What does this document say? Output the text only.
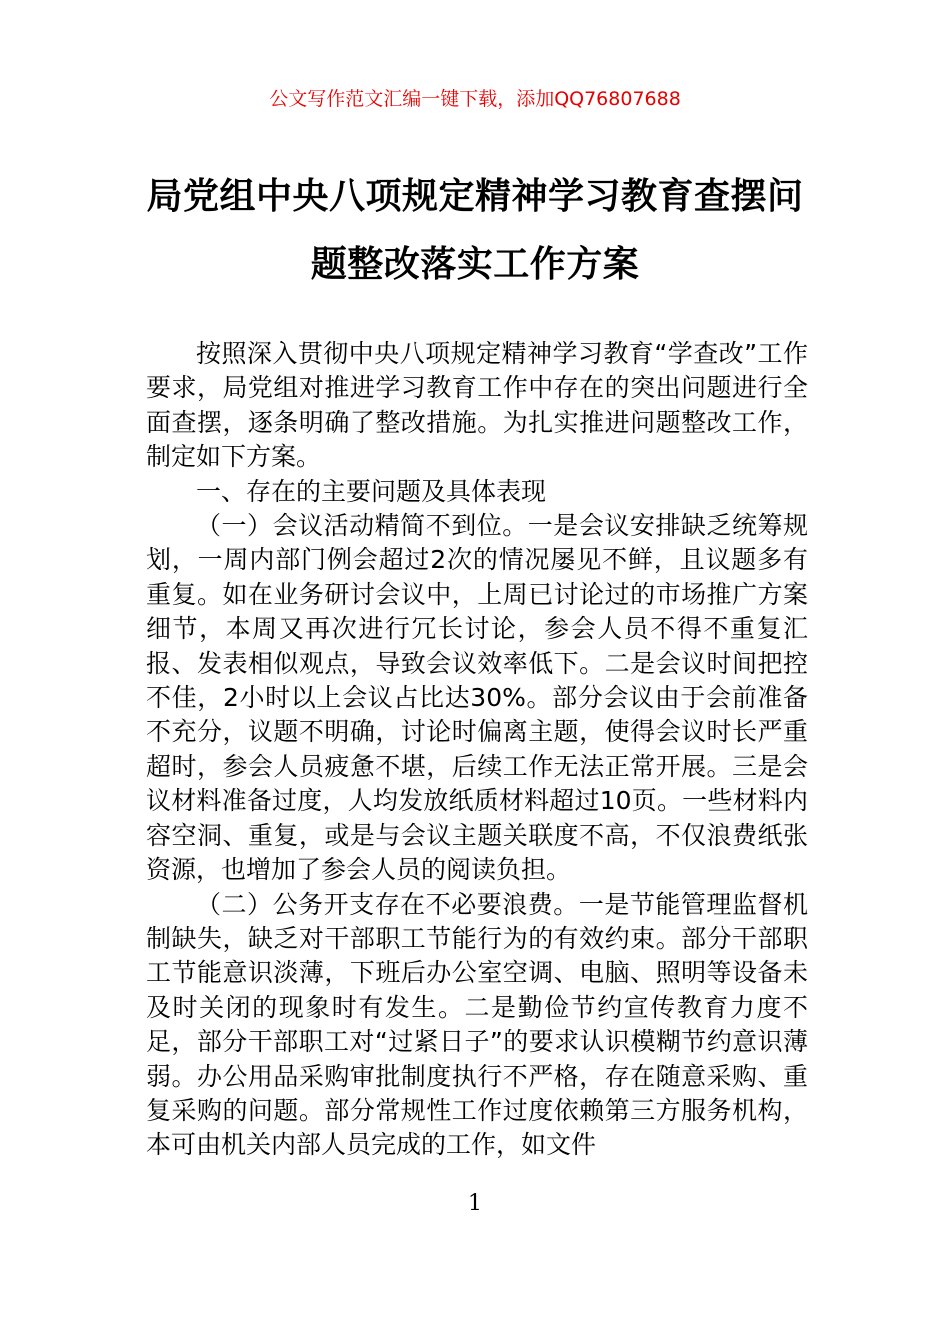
公文写作范文汇编一键下载，添加QQ76807688
局党组中央八项规定精神学习教育查摆问
题整改落实工作方案

按照深入贯彻中央八项规定精神学习教育“学查改”工作要求，局党组对推进学习教育工作中存在的突出问题进行全面查摆，逐条明确了整改措施。为扎实推进问题整改工作，制定如下方案。

一、存在的主要问题及具体表现

（一）会议活动精简不到位。一是会议安排缺乏统筹规划，一周内部门例会超过2次的情况屡见不鲜，且议题多有重复。如在业务研讨会议中，上周已讨论过的市场推广方案细节，本周又再次进行冗长讨论，参会人员不得不重复汇报、发表相似观点，导致会议效率低下。二是会议时间把控不佳，2小时以上会议占比达30%。部分会议由于会前准备不充分，议题不明确，讨论时偏离主题，使得会议时长严重超时，参会人员疲惫不堪，后续工作无法正常开展。三是会议材料准备过度，人均发放纸质材料超过10页。一些材料内容空洞、重复，或是与会议主题关联度不高，不仅浪费纸张资源，也增加了参会人员的阅读负担。

（二）公务开支存在不必要浪费。一是节能管理监督机制缺失，缺乏对干部职工节能行为的有效约束。部分干部职工节能意识淡薄，下班后办公室空调、电脑、照明等设备未及时关闭的现象时有发生。二是勤俭节约宣传教育力度不足，部分干部职工对“过紧日子”的要求认识模糊节约意识薄弱。办公用品采购审批制度执行不严格，存在随意采购、重复采购的问题。部分常规性工作过度依赖第三方服务机构，本可由机关内部人员完成的工作，如文件

1
